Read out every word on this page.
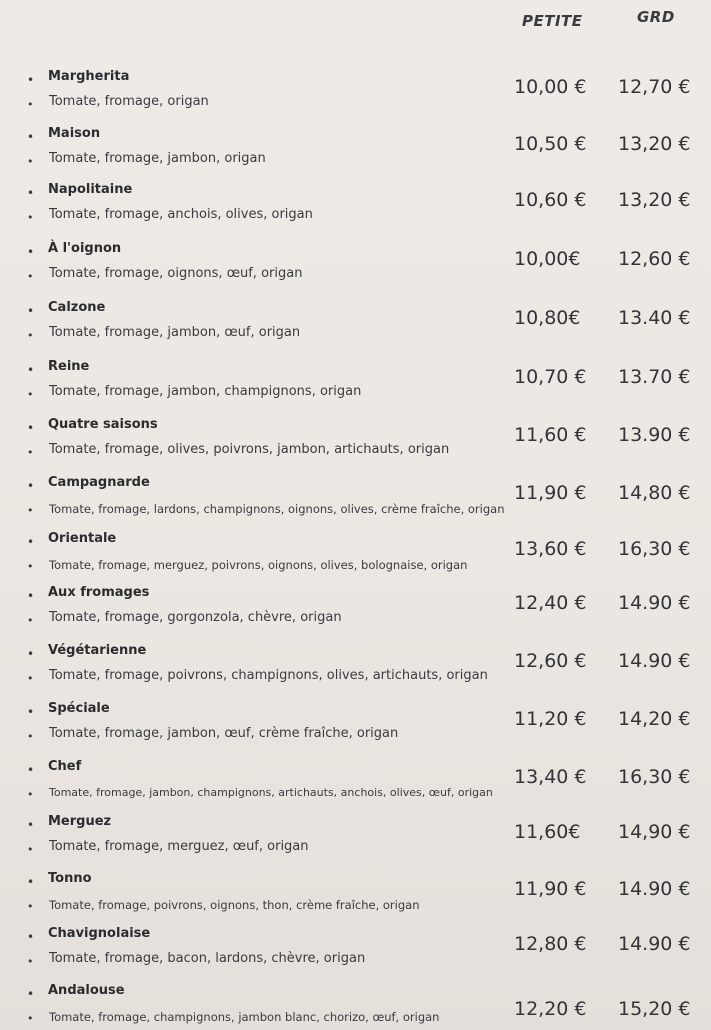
PETITE	GRD
• Margherita
• Tomate, fromage, origan
10,00 € 12,70 €
• Maison
• Tomate, fromage, jambon, origan
10,50 € 13,20 €
• Napolitaine
• Tomate, fromage, anchois, olives, origan
10,60 € 13,20 €
• À l'oignon
• Tomate, fromage, oignons, œuf, origan
10,00€ 12,60 €
• Calzone
• Tomate, fromage, jambon, œuf, origan
10,80€ 13.40 €
• Reine
• Tomate, fromage, jambon, champignons, origan
10,70 € 13.70 €
• Quatre saisons
• Tomate, fromage, olives, poivrons, jambon, artichauts, origan
11,60 € 13.90 €
• Campagnarde
• Tomate, fromage, lardons, champignons, oignons, olives, crème fraîche, origan
11,90 € 14,80 €
• Orientale
• Tomate, fromage, merguez, poivrons, oignons, olives, bolognaise, origan
13,60 € 16,30 €
• Aux fromages
• Tomate, fromage, gorgonzola, chèvre, origan
12,40 € 14.90 €
• Végétarienne
• Tomate, fromage, poivrons, champignons, olives, artichauts, origan
12,60 € 14.90 €
• Spéciale
• Tomate, fromage, jambon, œuf, crème fraîche, origan
11,20 € 14,20 €
• Chef
• Tomate, fromage, jambon, champignons, artichauts, anchois, olives, œuf, origan
13,40 € 16,30 €
• Merguez
• Tomate, fromage, merguez, œuf, origan
11,60€ 14,90 €
• Tonno
• Tomate, fromage, poivrons, oignons, thon, crème fraîche, origan
11,90 € 14.90 €
• Chavignolaise
• Tomate, fromage, bacon, lardons, chèvre, origan
12,80 € 14.90 €
• Andalouse
• Tomate, fromage, champignons, jambon blanc, chorizo, œuf, origan	12,20 € 15,20 €
